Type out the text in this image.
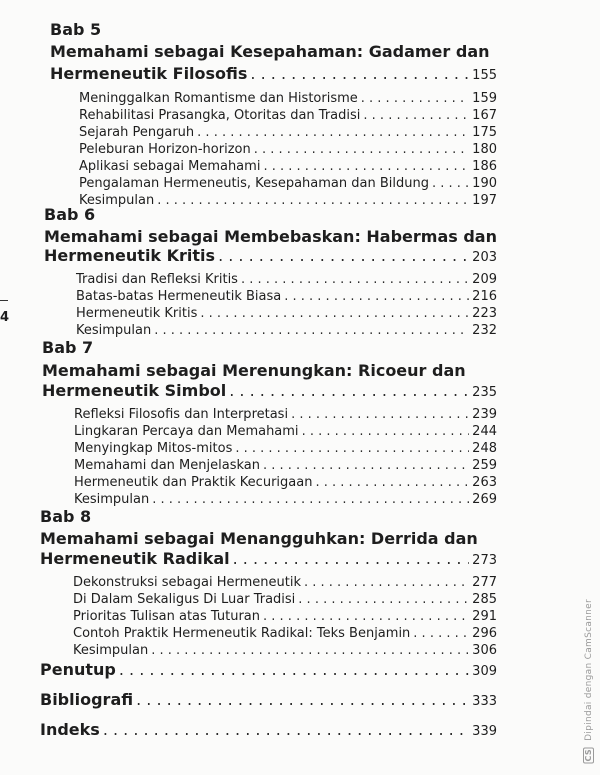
4
Bab 5
Memahami sebagai Kesepahaman: Gadamer dan
Hermeneutik Filosofis . . .	155
Meninggalkan Romantisme dan Historisme . . .	159
Rehabilitasi Prasangka, Otoritas dan Tradisi . . .	167
Sejarah Pengaruh . . .	175
Peleburan Horizon-horizon . . .	180
Aplikasi sebagai Memahami . . .	186
Pengalaman Hermeneutis, Kesepahaman dan Bildung . . .	190
Kesimpulan . . .	197
Bab 6
Memahami sebagai Membebaskan: Habermas dan
Hermeneutik Kritis . . .	203
Tradisi dan Refleksi Kritis . . .	209
Batas-batas Hermeneutik Biasa . . .	216
Hermeneutik Kritis . . .	223
Kesimpulan . . .	232
Bab 7
Memahami sebagai Merenungkan: Ricoeur dan
Hermeneutik Simbol . . .	235
Refleksi Filosofis dan Interpretasi . . .	239
Lingkaran Percaya dan Memahami . . .	244
Menyingkap Mitos-mitos . . .	248
Memahami dan Menjelaskan . . .	259
Hermeneutik dan Praktik Kecurigaan . . .	263
Kesimpulan . . .	269
Bab 8
Memahami sebagai Menangguhkan: Derrida dan
Hermeneutik Radikal . . .	273
Dekonstruksi sebagai Hermeneutik . . .	277
Di Dalam Sekaligus Di Luar Tradisi . . .	285
Prioritas Tulisan atas Tuturan . . .	291
Contoh Praktik Hermeneutik Radikal: Teks Benjamin . . .	296
Kesimpulan . . .	306
Penutup . . .	309
Bibliografi . . .	333
Indeks . . .	339
CS Dipindai dengan CamScanner
